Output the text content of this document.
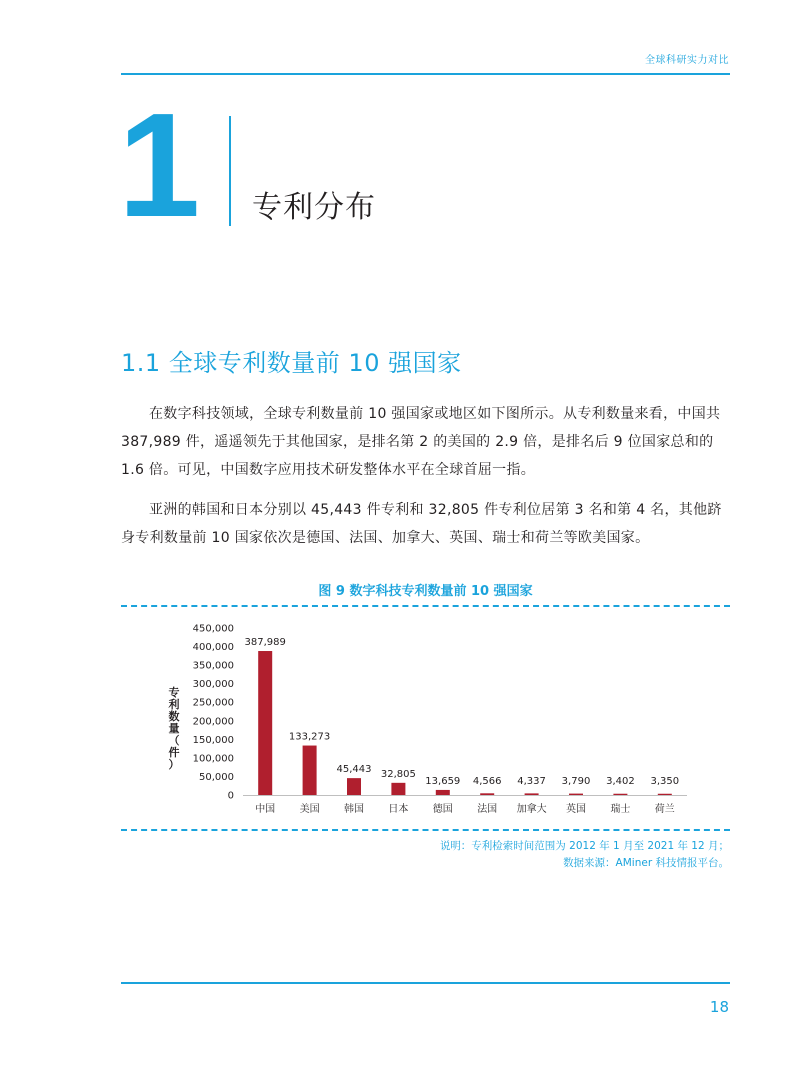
全球科研实力对比
1 专利分布
1.1 全球专利数量前 10 强国家

在数字科技领域，全球专利数量前 10 强国家或地区如下图所示。从专利数量来看，中国共 387,989 件，遥遥领先于其他国家，是排名第 2 的美国的 2.9 倍，是排名后 9 位国家总和的 1.6 倍。可见，中国数字应用技术研发整体水平在全球首屈一指。

亚洲的韩国和日本分别以 45,443 件专利和 32,805 件专利位居第 3 名和第 4 名，其他跻身专利数量前 10 国家依次是德国、法国、加拿大、英国、瑞士和荷兰等欧美国家。

图 9 数字科技专利数量前 10 强国家
专
利
数
量
（
件
）
0
50,000
100,000
150,000
200,000
250,000
300,000
350,000
400,000
450,000
387,989
133,273
45,443 32,805
13,659 4,566 4,337 3,790 3,402 3,350
中国 美国 韩国 日本 德国 法国 加拿大 英国 瑞士 荷兰
说明：专利检索时间范围为 2012 年 1 月至 2021 年 12 月；
数据来源：AMiner 科技情报平台。
18
